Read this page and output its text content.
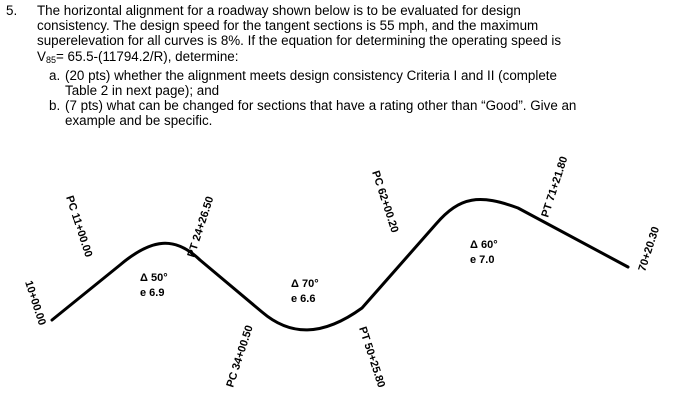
5. The horizontal alignment for a roadway shown below is to be evaluated for design
consistency. The design speed for the tangent sections is 55 mph, and the maximum
superelevation for all curves is 8%. If the equation for determining the operating speed is
$V_{85}= 65.5-(11794.2/R)$, determine:
a. (20 pts) whether the alignment meets design consistency Criteria I and II (complete
Table 2 in next page); and
b. (7 pts) what can be changed for sections that have a rating other than “Good”. Give an
example and be specific.
10+00.00
PC 11+00.00	PT 24+26.50
PC 34+00.50	PT 50+25.80
PC 62+00.20	PT 71+21.80
70+20.30
Δ 50°
e 6.9
Δ 70°
e 6.6
Δ 60°
e 7.0
